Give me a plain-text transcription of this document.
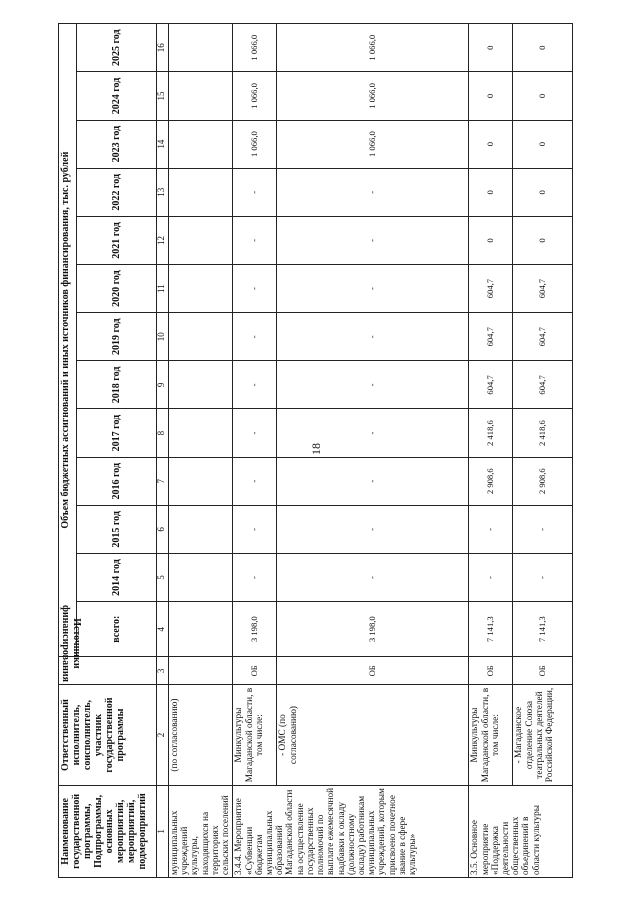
18
Наименование государственной программы, Подпрограммы, основных мероприятий, мероприятий, подмероприятий	Ответственный исполнитель, соисполнитель, участник государственной программы	Источники финансирования	Объем бюджетных ассигнований и иных источников финансирования, тыс. рублей												
			всего:	2014 год	2015 год	2016 год	2017 год	2018 год	2019 год	2020 год	2021 год	2022 год	2023 год	2024 год	2025 год
1	2	3	4	5	6	7	8	9	10	11	12	13	14	15	16
муниципальных учреждений культуры, находящихся на территориях сельских поселений	(по согласованию)														
3.4.4. Мероприятие «Субвенции бюджетам муниципальных образований Магаданской области на осуществление государственных полномочий по выплате ежемесячной надбавки к окладу (должностному окладу) работникам муниципальных учреждений, которым присвоено почетное звание в сфере культуры»	Минкультуры Магаданской области, в том числе:	ОБ	3 198,0	-	-	-	-	-	-	-	-	-	1 066,0	1 066,0	1 066,0
	- ОМС (по согласованию)	ОБ	3 198,0	-	-	-	-	-	-	-	-	-	1 066,0	1 066,0	1 066,0
3.5. Основное мероприятие «Поддержка деятельности общественных объединений в области культуры	Минкультуры Магаданской области, в том числе:	ОБ	7 141,3	-	-	2 908,6	2 418,6	604,7	604,7	604,7	0	0	0	0	0
	- Магаданское отделение Союза театральных деятелей Российской Федерации,	ОБ	7 141,3	-	-	2 908,6	2 418,6	604,7	604,7	604,7	0	0	0	0	0
